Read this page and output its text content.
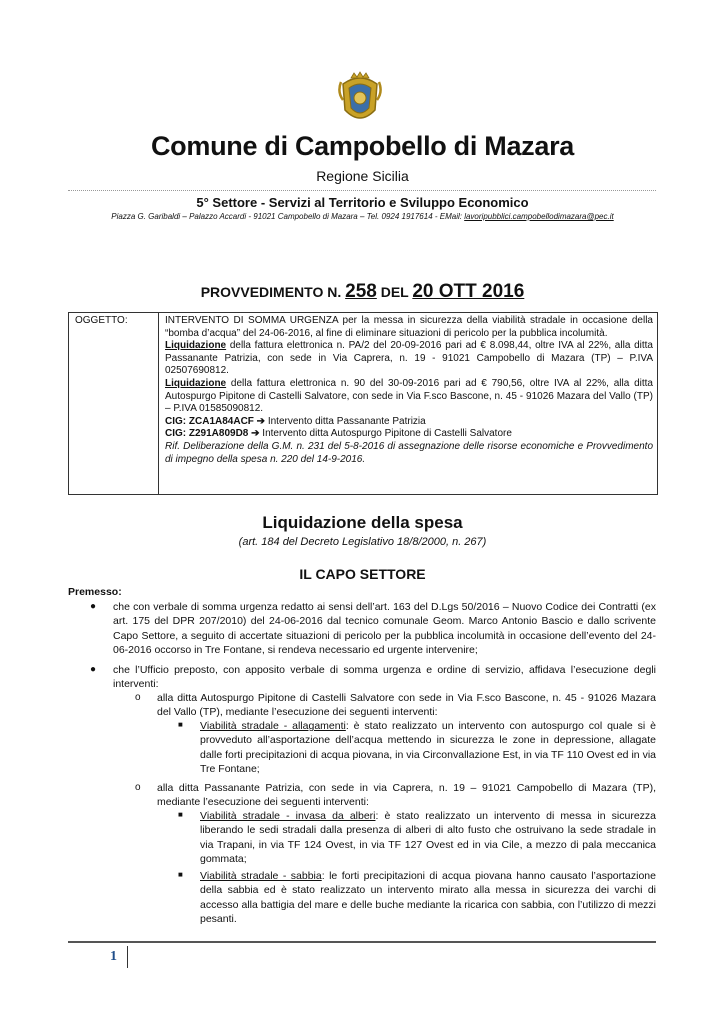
Comune di Campobello di Mazara
Regione Sicilia
5° Settore - Servizi al Territorio e Sviluppo Economico
Piazza G. Garibaldi – Palazzo Accardi - 91021 Campobello di Mazara – Tel. 0924 1917614 - EMail: lavoripubblici.campobellodimazara@pec.it
PROVVEDIMENTO N. 258 DEL 20 OTT 2016
OGGETTO:	INTERVENTO DI SOMMA URGENZA per la messa in sicurezza della viabilità stradale in occasione della “bomba d’acqua” del 24-06-2016, al fine di eliminare situazioni di pericolo per la pubblica incolumità.

Liquidazione della fattura elettronica n. PA/2 del 20-09-2016 pari ad € 8.098,44, oltre IVA al 22%, alla ditta Passanante Patrizia, con sede in Via Caprera, n. 19 - 91021 Campobello di Mazara (TP) – P.IVA 02507690812.

Liquidazione della fattura elettronica n. 90 del 30-09-2016 pari ad € 790,56, oltre IVA al 22%, alla ditta Autospurgo Pipitone di Castelli Salvatore, con sede in Via F.sco Bascone, n. 45 - 91026 Mazara del Vallo (TP) – P.IVA 01585090812.

CIG: ZCA1A84ACF ➔ Intervento ditta Passanante Patrizia

CIG: Z291A809D8 ➔ Intervento ditta Autospurgo Pipitone di Castelli Salvatore

Rif. Deliberazione della G.M. n. 231 del 5-8-2016 di assegnazione delle risorse economiche e Provvedimento di impegno della spesa n. 220 del 14-9-2016.

Liquidazione della spesa
(art. 184 del Decreto Legislativo 18/8/2000, n. 267)
IL CAPO SETTORE
Premesso:
● che con verbale di somma urgenza redatto ai sensi dell’art. 163 del D.Lgs 50/2016 – Nuovo Codice dei Contratti (ex art. 175 del DPR 207/2010) del 24-06-2016 dal tecnico comunale Geom. Marco Antonio Bascio e dallo scrivente Capo Settore, a seguito di accertate situazioni di pericolo per la pubblica incolumità in occasione dell’evento del 24-06-2016 occorso in Tre Fontane, si rendeva necessario ed urgente intervenire;

● che l’Ufficio preposto, con apposito verbale di somma urgenza e ordine di servizio, affidava l’esecuzione degli interventi:

o alla ditta Autospurgo Pipitone di Castelli Salvatore con sede in Via F.sco Bascone, n. 45 - 91026 Mazara del Vallo (TP), mediante l’esecuzione dei seguenti interventi:

■ Viabilità stradale - allagamenti: è stato realizzato un intervento con autospurgo col quale si è provveduto all’asportazione dell’acqua mettendo in sicurezza le zone in depressione, allagate dalle forti precipitazioni di acqua piovana, in via Circonvallazione Est, in via TF 110 Ovest ed in via Tre Fontane;

o alla ditta Passanante Patrizia, con sede in via Caprera, n. 19 – 91021 Campobello di Mazara (TP), mediante l’esecuzione dei seguenti interventi:

■ Viabilità stradale - invasa da alberi: è stato realizzato un intervento di messa in sicurezza liberando le sedi stradali dalla presenza di alberi di alto fusto che ostruivano la sede stradale in via Trapani, in via TF 124 Ovest, in via TF 127 Ovest ed in via Cile, a mezzo di pala meccanica gommata;

■ Viabilità stradale - sabbia: le forti precipitazioni di acqua piovana hanno causato l’asportazione della sabbia ed è stato realizzato un intervento mirato alla messa in sicurezza dei varchi di accesso alla battigia del mare e delle buche mediante la ricarica con sabbia, con l’utilizzo di mezzi pesanti.

1
